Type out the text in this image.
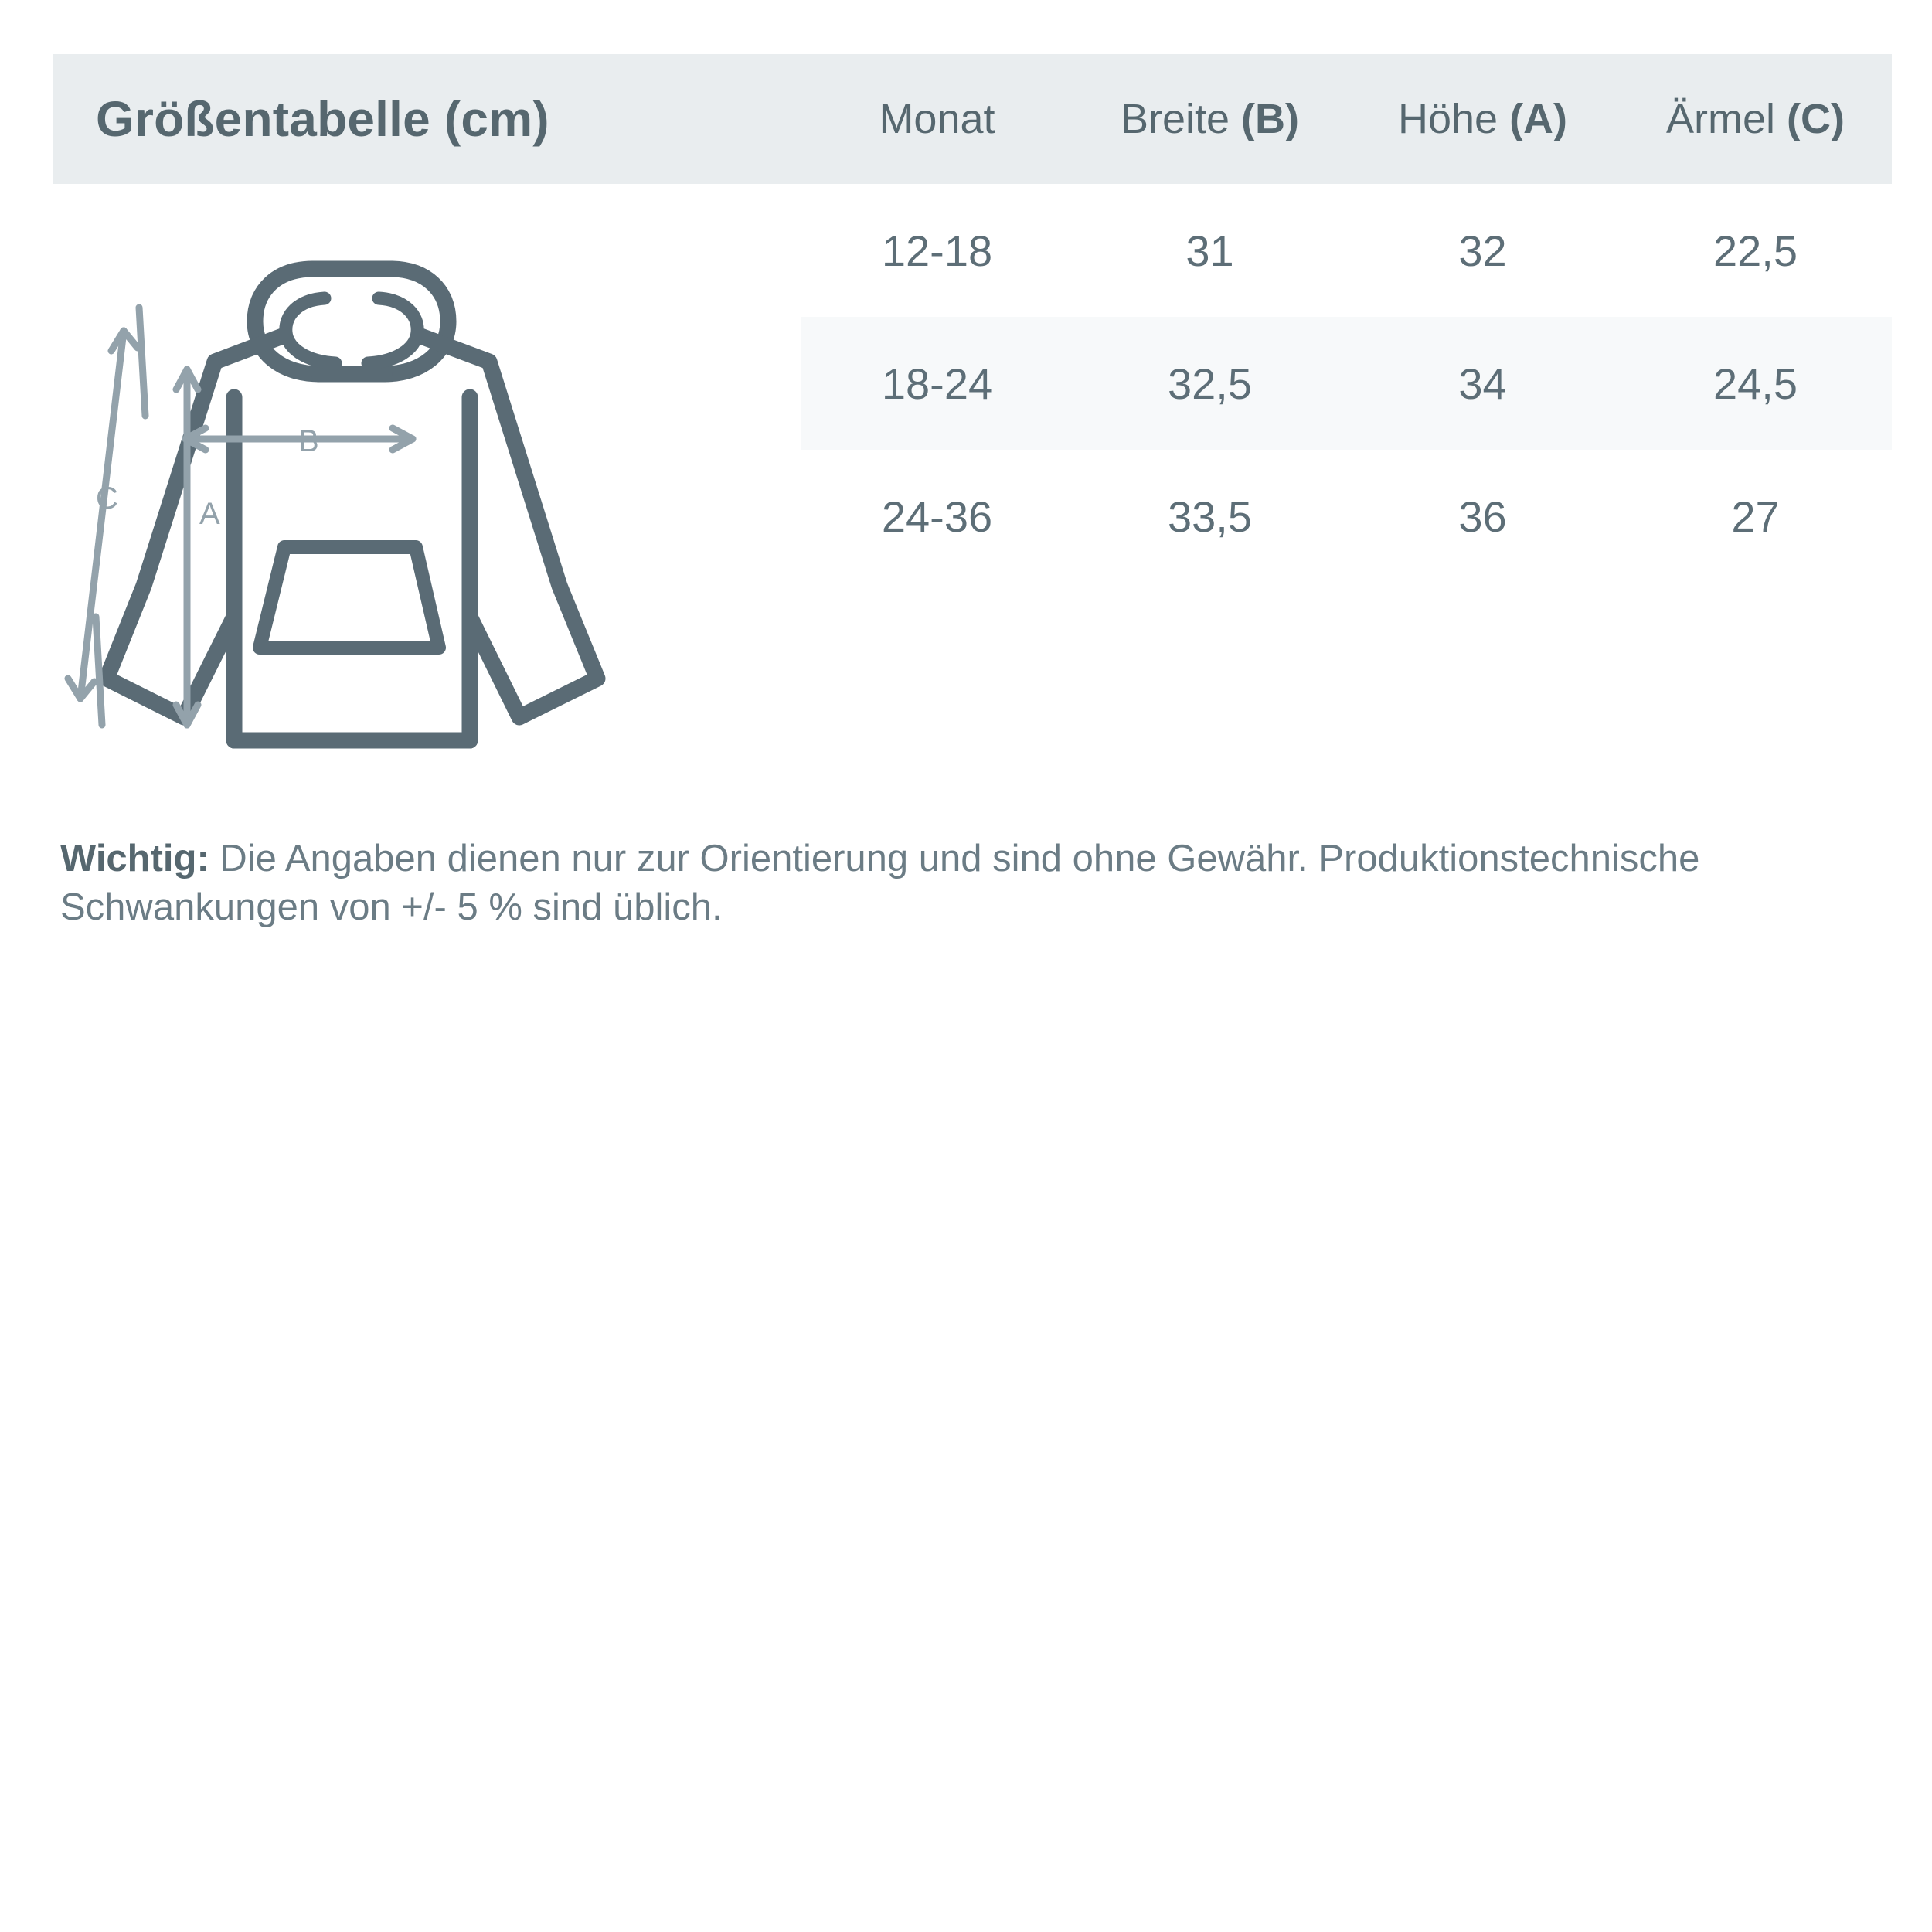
Größentabelle (cm)	Monat	Breite (B)	Höhe (A)	Ärmel (C)
C	A
B
12-18	31	32	22,5
18-24	32,5	34	24,5
24-36	33,5	36	27
Wichtig: Die Angaben dienen nur zur Orientierung und sind ohne Gewähr. Produktionstechnische Schwankungen von +/- 5 % sind üblich.
